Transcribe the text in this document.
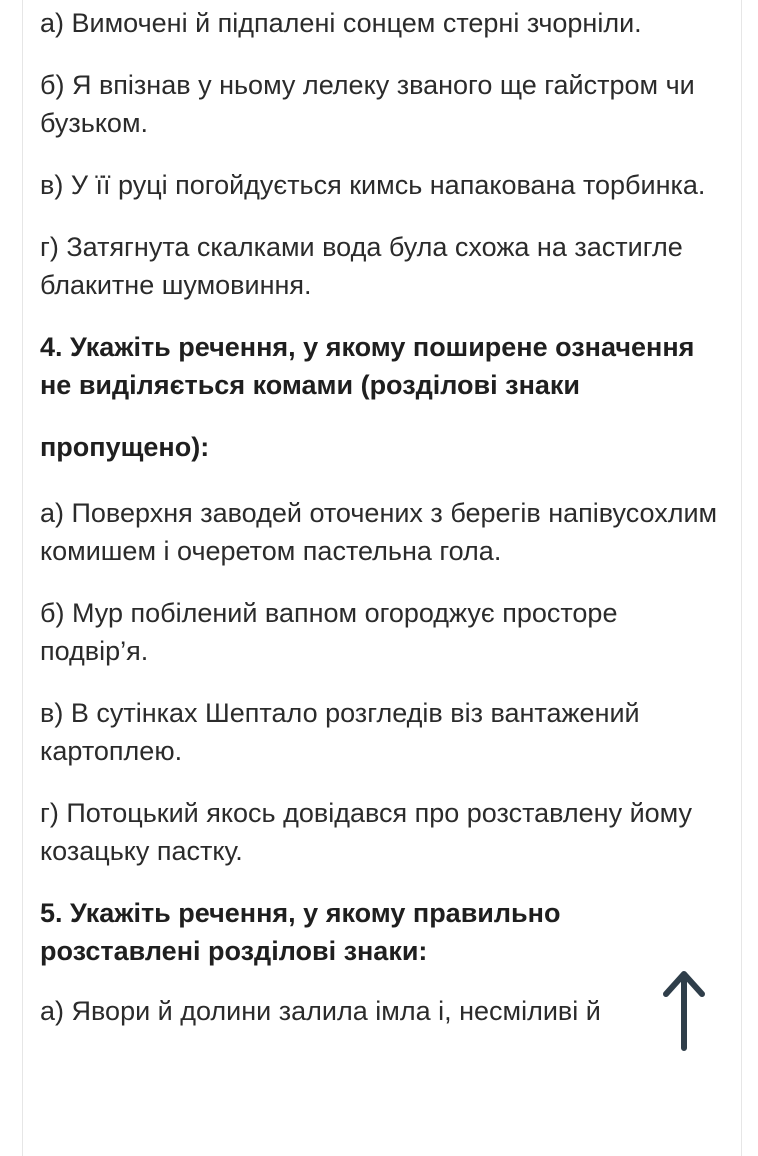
а) Вимочені й підпалені сонцем стерні зчорніли.

б) Я впізнав у ньому лелеку званого ще гайстром чи бузьком.

в) У її руці погойдується кимсь напакована торбинка.

г) Затягнута скалками вода була схожа на застигле блакитне шумовиння.

4. Укажіть речення, у якому поширене означення не виділяється комами (розділові знаки

пропущено):

а) Поверхня заводей оточених з берегів напівусохлим комишем і очеретом пастельна гола.

б) Мур побілений вапном огороджує просторе подвір’я.

в) В сутінках Шептало розгледів віз вантажений картоплею.

г) Потоцький якось довідався про розставлену йому козацьку пастку.

5. Укажіть речення, у якому правильно розставлені розділові знаки:

а) Явори й долини залила імла і, несміливі й
